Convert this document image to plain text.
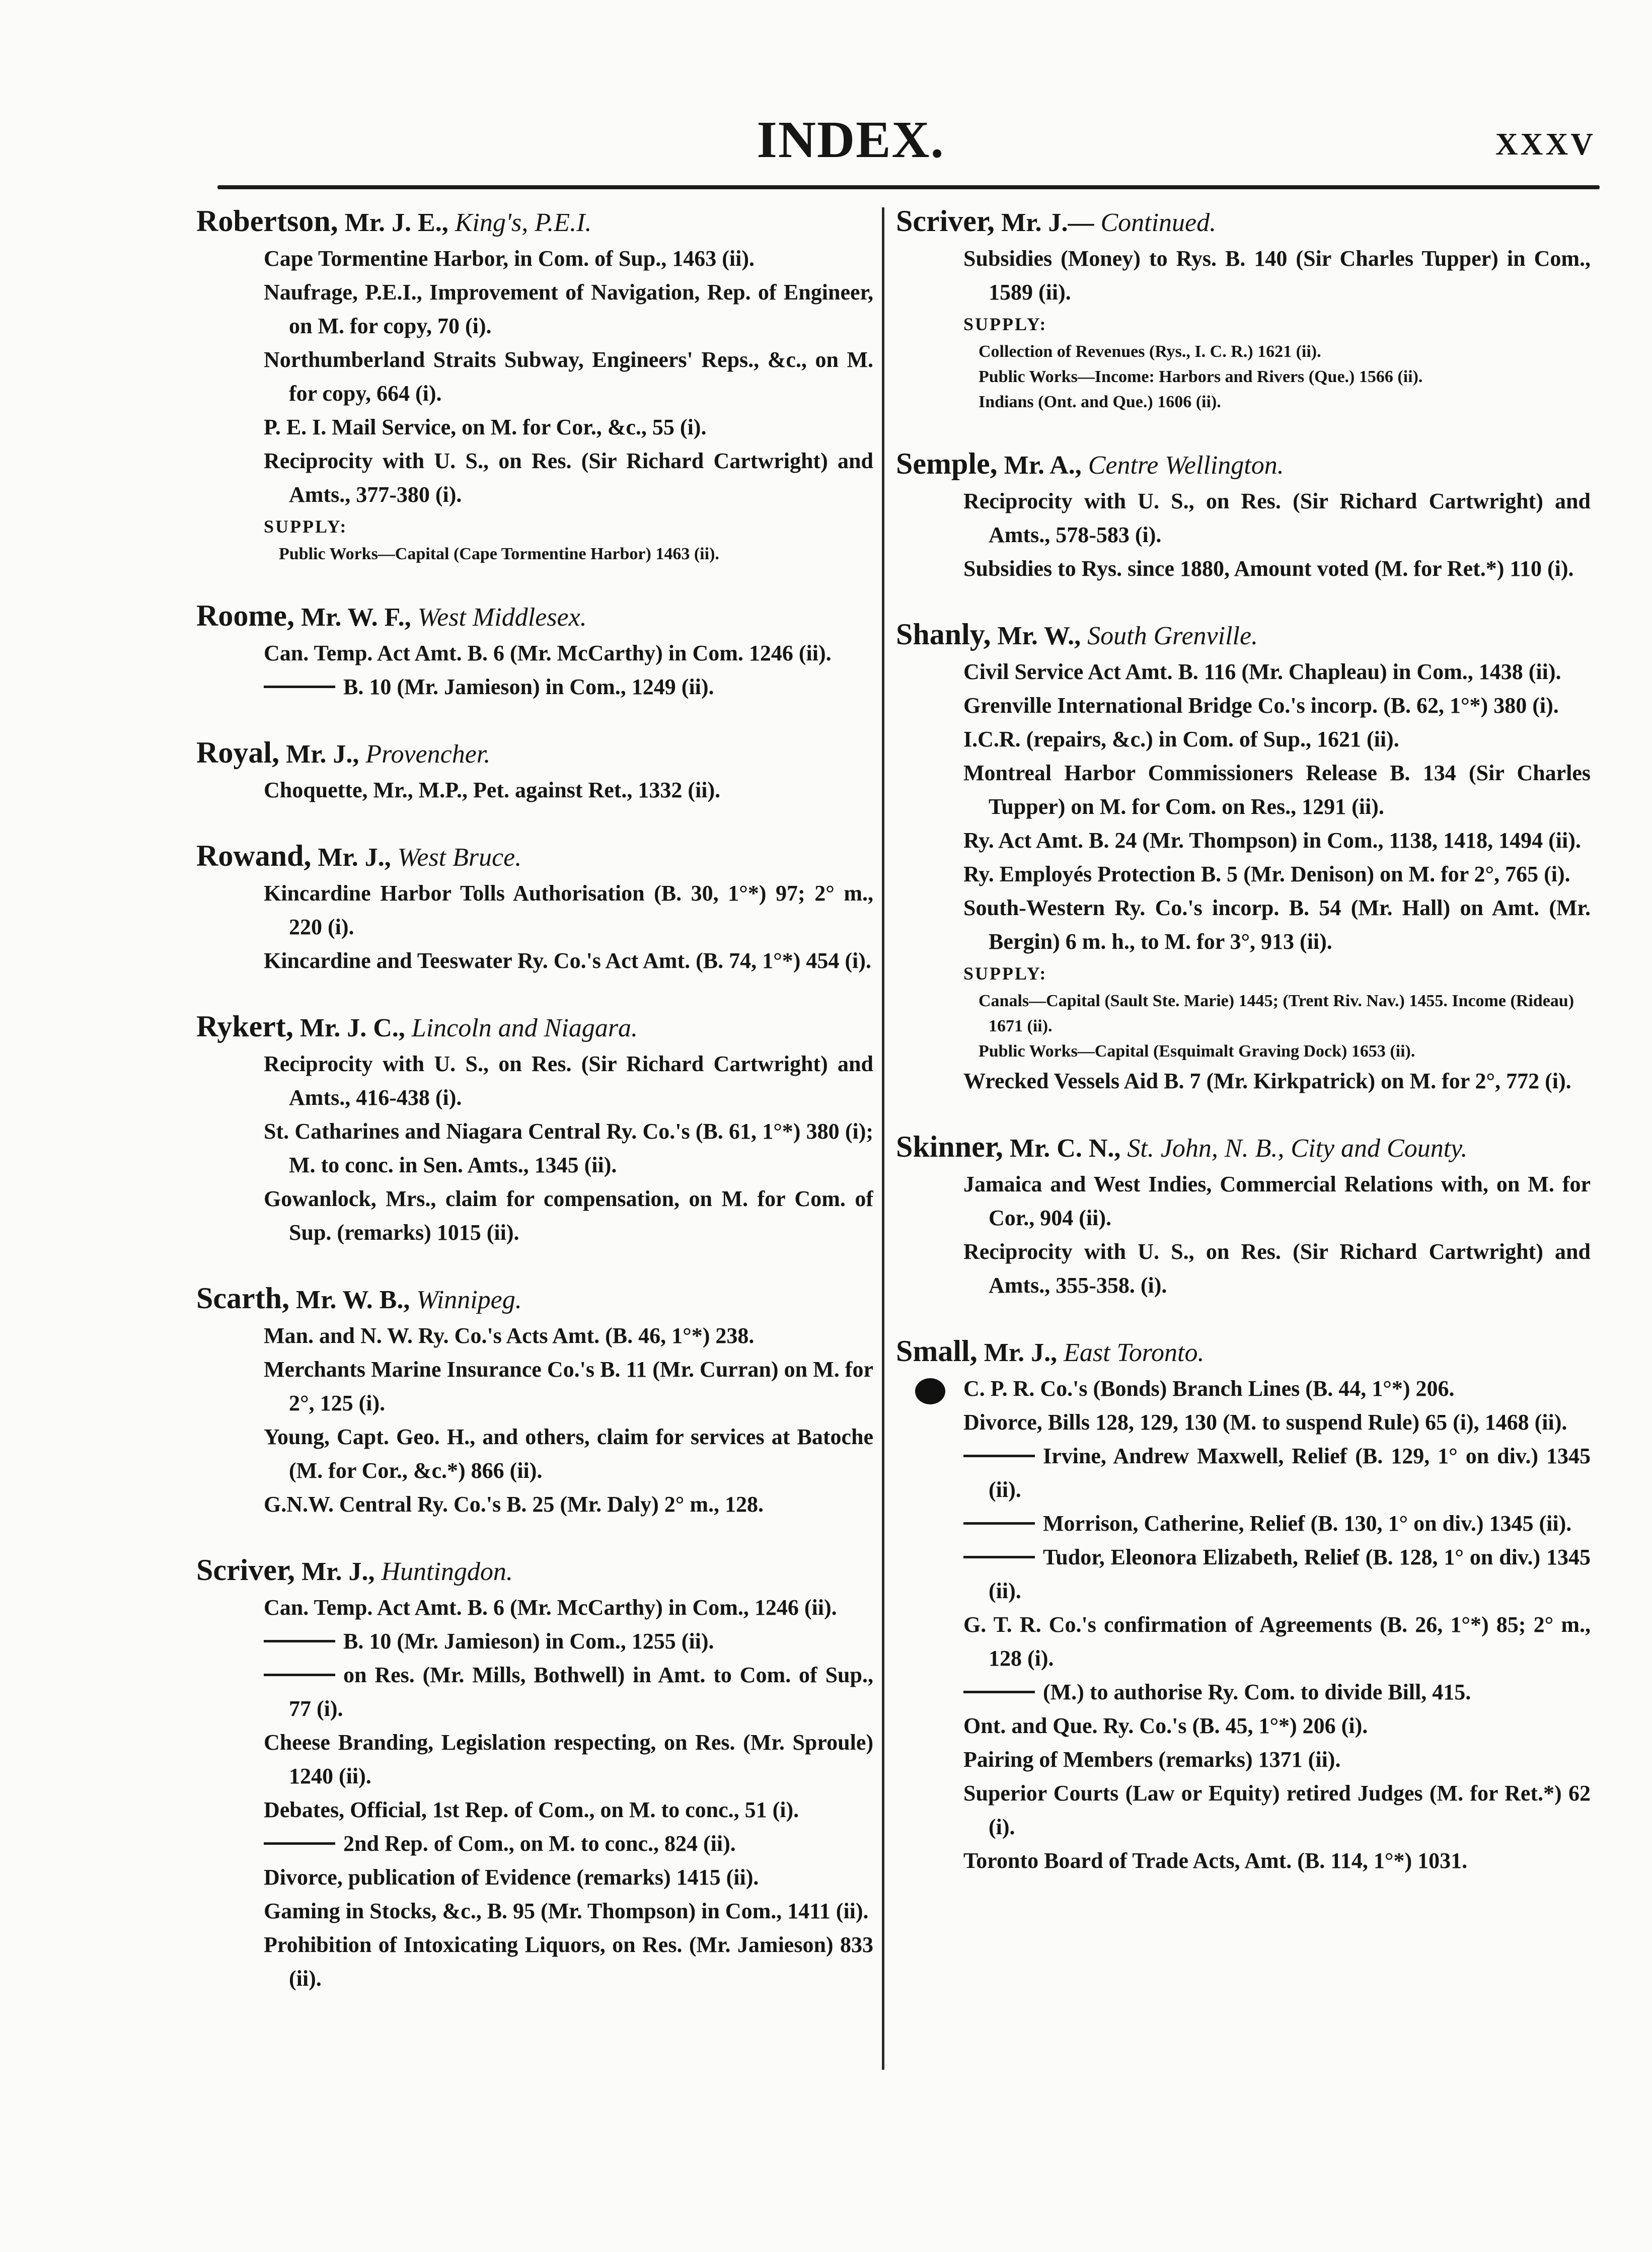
INDEX.	XXXV
Robertson, Mr. J. E., King's, P.E.I.
Cape Tormentine Harbor, in Com. of Sup., 1463 (ii).
Naufrage, P.E.I., Improvement of Navigation, Rep. of Engineer, on M. for copy, 70 (i).
Northumberland Straits Subway, Engineers' Reps., &c., on M. for copy, 664 (i).
P. E. I. Mail Service, on M. for Cor., &c., 55 (i).
Reciprocity with U. S., on Res. (Sir Richard Cartwright) and Amts., 377-380 (i).
SUPPLY:
Public Works—Capital (Cape Tormentine Harbor) 1463 (ii).
Roome, Mr. W. F., West Middlesex.
Can. Temp. Act Amt. B. 6 (Mr. McCarthy) in Com. 1246 (ii).
B. 10 (Mr. Jamieson) in Com., 1249 (ii).
Royal, Mr. J., Provencher.
Choquette, Mr., M.P., Pet. against Ret., 1332 (ii).
Rowand, Mr. J., West Bruce.
Kincardine Harbor Tolls Authorisation (B. 30, 1°*) 97; 2° m., 220 (i).
Kincardine and Teeswater Ry. Co.'s Act Amt. (B. 74, 1°*) 454 (i).
Rykert, Mr. J. C., Lincoln and Niagara.
Reciprocity with U. S., on Res. (Sir Richard Cartwright) and Amts., 416-438 (i).
St. Catharines and Niagara Central Ry. Co.'s (B. 61, 1°*) 380 (i); M. to conc. in Sen. Amts., 1345 (ii).
Gowanlock, Mrs., claim for compensation, on M. for Com. of Sup. (remarks) 1015 (ii).
Scarth, Mr. W. B., Winnipeg.
Man. and N. W. Ry. Co.'s Acts Amt. (B. 46, 1°*) 238.
Merchants Marine Insurance Co.'s B. 11 (Mr. Curran) on M. for 2°, 125 (i).
Young, Capt. Geo. H., and others, claim for services at Batoche (M. for Cor., &c.*) 866 (ii).
G.N.W. Central Ry. Co.'s B. 25 (Mr. Daly) 2° m., 128.
Scriver, Mr. J., Huntingdon.
Can. Temp. Act Amt. B. 6 (Mr. McCarthy) in Com., 1246 (ii).
B. 10 (Mr. Jamieson) in Com., 1255 (ii).
on Res. (Mr. Mills, Bothwell) in Amt. to Com. of Sup., 77 (i).
Cheese Branding, Legislation respecting, on Res. (Mr. Sproule) 1240 (ii).
Debates, Official, 1st Rep. of Com., on M. to conc., 51 (i).
2nd Rep. of Com., on M. to conc., 824 (ii).
Divorce, publication of Evidence (remarks) 1415 (ii).
Gaming in Stocks, &c., B. 95 (Mr. Thompson) in Com., 1411 (ii).
Prohibition of Intoxicating Liquors, on Res. (Mr. Jamieson) 833 (ii).
Scriver, Mr. J.— Continued.
Subsidies (Money) to Rys. B. 140 (Sir Charles Tupper) in Com., 1589 (ii).
SUPPLY:
Collection of Revenues (Rys., I. C. R.) 1621 (ii).
Public Works—Income: Harbors and Rivers (Que.) 1566 (ii).
Indians (Ont. and Que.) 1606 (ii).
Semple, Mr. A., Centre Wellington.
Reciprocity with U. S., on Res. (Sir Richard Cartwright) and Amts., 578-583 (i).
Subsidies to Rys. since 1880, Amount voted (M. for Ret.*) 110 (i).
Shanly, Mr. W., South Grenville.
Civil Service Act Amt. B. 116 (Mr. Chapleau) in Com., 1438 (ii).
Grenville International Bridge Co.'s incorp. (B. 62, 1°*) 380 (i).
I.C.R. (repairs, &c.) in Com. of Sup., 1621 (ii).
Montreal Harbor Commissioners Release B. 134 (Sir Charles Tupper) on M. for Com. on Res., 1291 (ii).
Ry. Act Amt. B. 24 (Mr. Thompson) in Com., 1138, 1418, 1494 (ii).
Ry. Employés Protection B. 5 (Mr. Denison) on M. for 2°, 765 (i).
South-Western Ry. Co.'s incorp. B. 54 (Mr. Hall) on Amt. (Mr. Bergin) 6 m. h., to M. for 3°, 913 (ii).
SUPPLY:
Canals—Capital (Sault Ste. Marie) 1445; (Trent Riv. Nav.) 1455. Income (Rideau) 1671 (ii).
Public Works—Capital (Esquimalt Graving Dock) 1653 (ii).
Wrecked Vessels Aid B. 7 (Mr. Kirkpatrick) on M. for 2°, 772 (i).
Skinner, Mr. C. N., St. John, N. B., City and County.
Jamaica and West Indies, Commercial Relations with, on M. for Cor., 904 (ii).
Reciprocity with U. S., on Res. (Sir Richard Cartwright) and Amts., 355-358. (i).
Small, Mr. J., East Toronto.
C. P. R. Co.'s (Bonds) Branch Lines (B. 44, 1°*) 206.
Divorce, Bills 128, 129, 130 (M. to suspend Rule) 65 (i), 1468 (ii).
Irvine, Andrew Maxwell, Relief (B. 129, 1° on div.) 1345 (ii).
Morrison, Catherine, Relief (B. 130, 1° on div.) 1345 (ii).
Tudor, Eleonora Elizabeth, Relief (B. 128, 1° on div.) 1345 (ii).
G. T. R. Co.'s confirmation of Agreements (B. 26, 1°*) 85; 2° m., 128 (i).
(M.) to authorise Ry. Com. to divide Bill, 415.
Ont. and Que. Ry. Co.'s (B. 45, 1°*) 206 (i).
Pairing of Members (remarks) 1371 (ii).
Superior Courts (Law or Equity) retired Judges (M. for Ret.*) 62 (i).
Toronto Board of Trade Acts, Amt. (B. 114, 1°*) 1031.
